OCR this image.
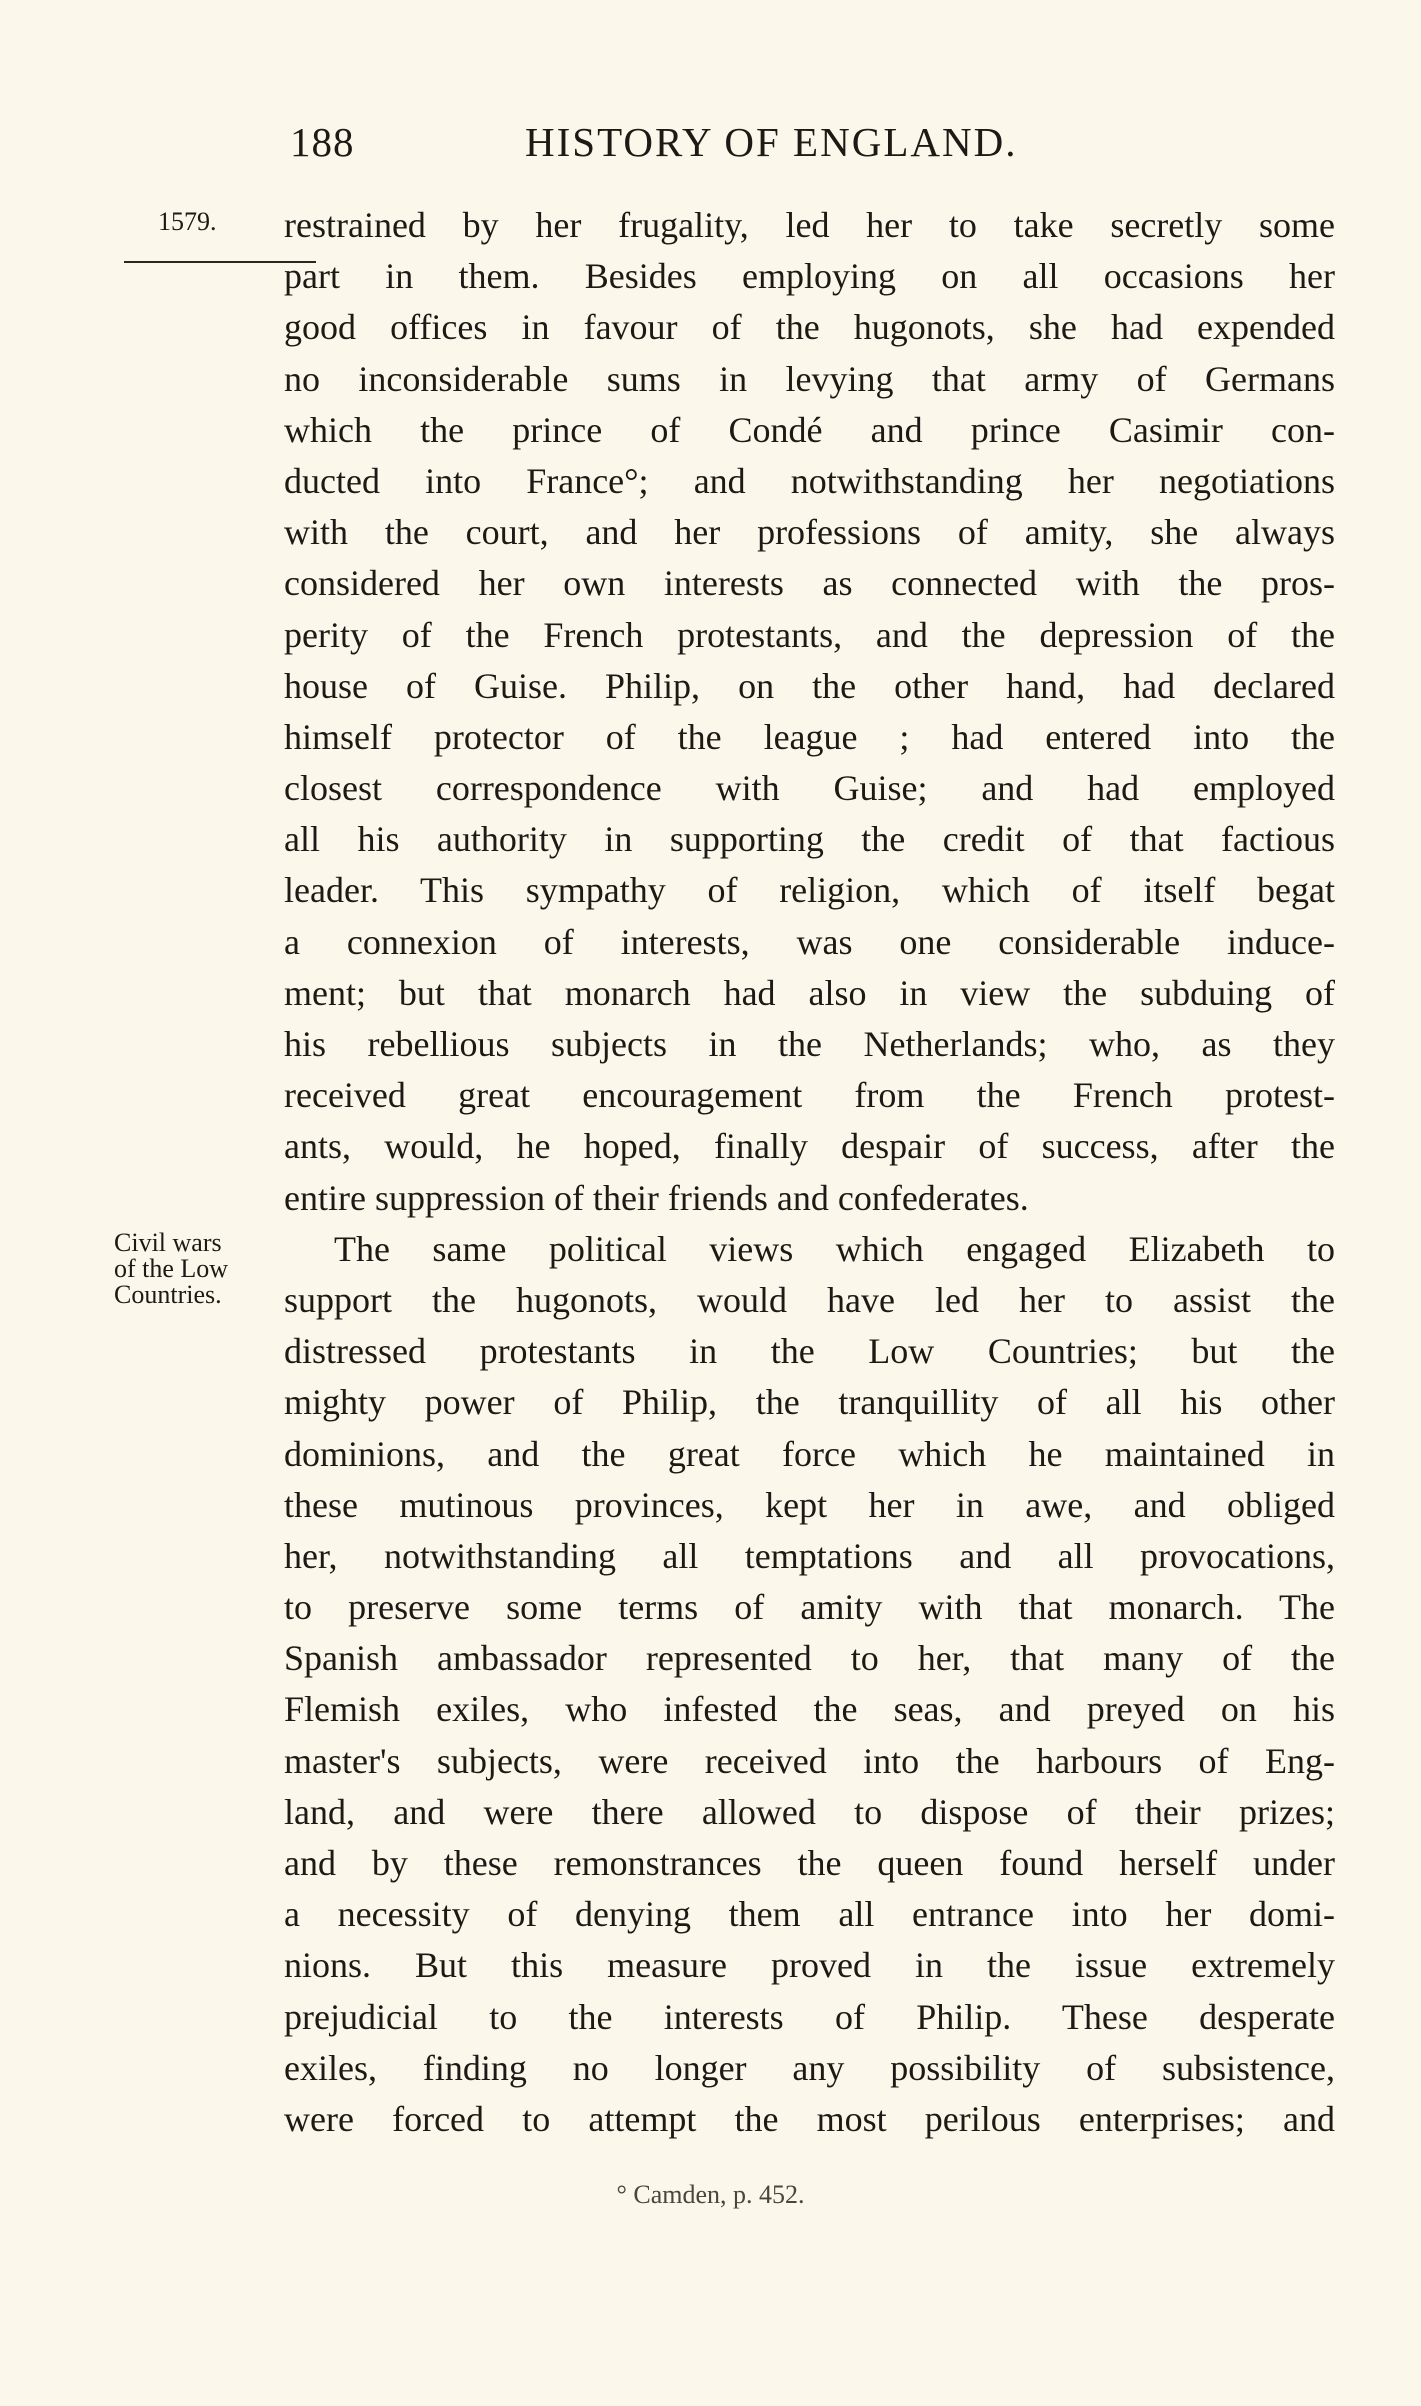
188	HISTORY OF ENGLAND.
1579.
Civil wars
of the Low
Countries.
restrained by her frugality, led her to take secretly some
part in them. Besides employing on all occasions her
good offices in favour of the hugonots, she had expended
no inconsiderable sums in levying that army of Germans
which the prince of Condé and prince Casimir con-
ducted into France°; and notwithstanding her negotiations
with the court, and her professions of amity, she always
considered her own interests as connected with the pros-
perity of the French protestants, and the depression of the
house of Guise. Philip, on the other hand, had declared
himself protector of the league ; had entered into the
closest correspondence with Guise; and had employed
all his authority in supporting the credit of that factious
leader. This sympathy of religion, which of itself begat
a connexion of interests, was one considerable induce-
ment; but that monarch had also in view the subduing of
his rebellious subjects in the Netherlands; who, as they
received great encouragement from the French protest-
ants, would, he hoped, finally despair of success, after the
entire suppression of their friends and confederates.
The same political views which engaged Elizabeth to
support the hugonots, would have led her to assist the
distressed protestants in the Low Countries; but the
mighty power of Philip, the tranquillity of all his other
dominions, and the great force which he maintained in
these mutinous provinces, kept her in awe, and obliged
her, notwithstanding all temptations and all provocations,
to preserve some terms of amity with that monarch. The
Spanish ambassador represented to her, that many of the
Flemish exiles, who infested the seas, and preyed on his
master's subjects, were received into the harbours of Eng-
land, and were there allowed to dispose of their prizes;
and by these remonstrances the queen found herself under
a necessity of denying them all entrance into her domi-
nions. But this measure proved in the issue extremely
prejudicial to the interests of Philip. These desperate
exiles, finding no longer any possibility of subsistence,
were forced to attempt the most perilous enterprises; and
° Camden, p. 452.
